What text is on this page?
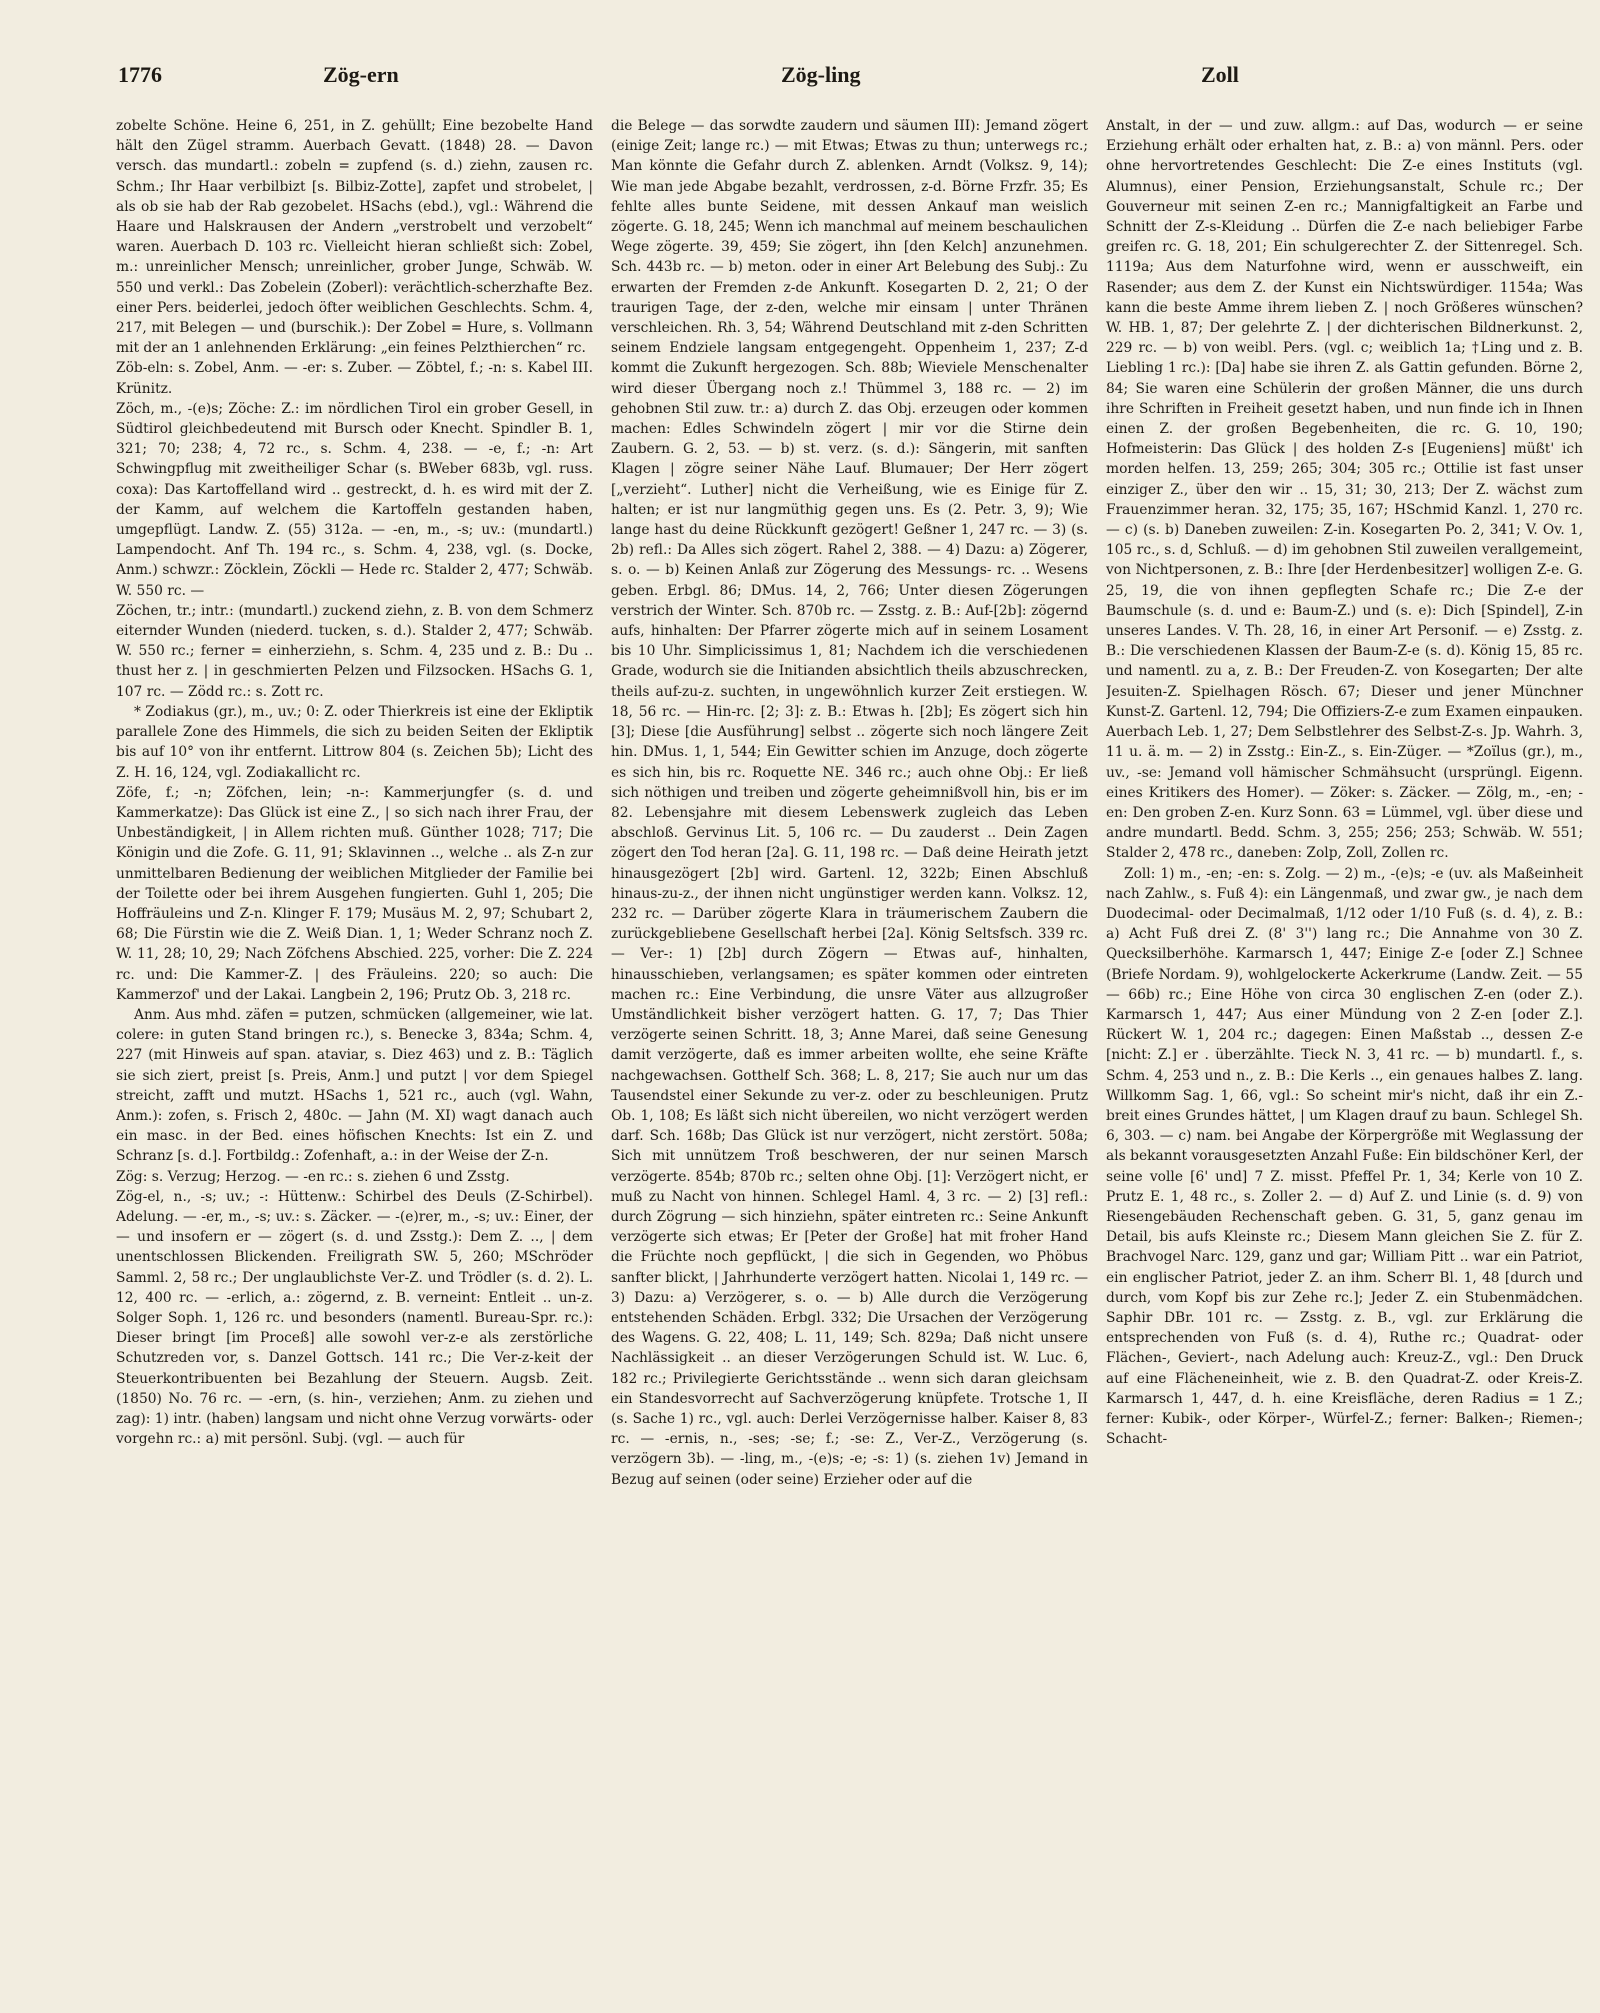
1776	Zög-ern	Zög-ling	Zoll

zobelte Schöne. Heine 6, 251, in Z. gehüllt; Eine bezobelte Hand hält den Zügel stramm. Auerbach Gevatt. (1848) 28. — Davon versch. das mundartl.: zobeln = zupfend (s. d.) ziehn, zausen rc. Schm.; Ihr Haar verbilbizt [s. Bilbiz-Zotte], zapfet und strobelet, | als ob sie hab der Rab gezobelet. HSachs (ebd.), vgl.: Während die Haare und Halskrausen der Andern „verstrobelt und verzobelt“ waren. Auerbach D. 103 rc. Vielleicht hieran schließt sich: Zobel, m.: unreinlicher Mensch; unreinlicher, grober Junge, Schwäb. W. 550 und verkl.: Das Zobelein (Zoberl): verächtlich-scherzhafte Bez. einer Pers. beiderlei, jedoch öfter weiblichen Geschlechts. Schm. 4, 217, mit Belegen — und (burschik.): Der Zobel = Hure, s. Vollmann mit der an 1 anlehnenden Erklärung: „ein feines Pelzthierchen“ rc.

Zöb-eln: s. Zobel, Anm. — -er: s. Zuber. — Zöbtel, f.; -n: s. Kabel III. Krünitz.

Zöch, m., -(e)s; Zöche: Z.: im nördlichen Tirol ein grober Gesell, in Südtirol gleichbedeutend mit Bursch oder Knecht. Spindler B. 1, 321; 70; 238; 4, 72 rc., s. Schm. 4, 238. — -e, f.; -n: Art Schwingpflug mit zweitheiliger Schar (s. BWeber 683b, vgl. russ. coxa): Das Kartoffelland wird .. gestreckt, d. h. es wird mit der Z. der Kamm, auf welchem die Kartoffeln gestanden haben, umgepflügt. Landw. Z. (55) 312a. — -en, m., -s; uv.: (mundartl.) Lampendocht. Anf Th. 194 rc., s. Schm. 4, 238, vgl. (s. Docke, Anm.) schwzr.: Zöcklein, Zöckli — Hede rc. Stalder 2, 477; Schwäb. W. 550 rc. —

Zöchen, tr.; intr.: (mundartl.) zuckend ziehn, z. B. von dem Schmerz eiternder Wunden (niederd. tucken, s. d.). Stalder 2, 477; Schwäb. W. 550 rc.; ferner = einherziehn, s. Schm. 4, 235 und z. B.: Du .. thust her z. | in geschmierten Pelzen und Filzsocken. HSachs G. 1, 107 rc. — Zödd rc.: s. Zott rc.

* Zodiakus (gr.), m., uv.; 0: Z. oder Thierkreis ist eine der Ekliptik parallele Zone des Himmels, die sich zu beiden Seiten der Ekliptik bis auf 10° von ihr entfernt. Littrow 804 (s. Zeichen 5b); Licht des Z. H. 16, 124, vgl. Zodiakallicht rc.

Zöfe, f.; -n; Zöfchen, lein; -n-: Kammerjungfer (s. d. und Kammerkatze): Das Glück ist eine Z., | so sich nach ihrer Frau, der Unbeständigkeit, | in Allem richten muß. Günther 1028; 717; Die Königin und die Zofe. G. 11, 91; Sklavinnen .., welche .. als Z-n zur unmittelbaren Bedienung der weiblichen Mitglieder der Familie bei der Toilette oder bei ihrem Ausgehen fungierten. Guhl 1, 205; Die Hoffräuleins und Z-n. Klinger F. 179; Musäus M. 2, 97; Schubart 2, 68; Die Fürstin wie die Z. Weiß Dian. 1, 1; Weder Schranz noch Z. W. 11, 28; 10, 29; Nach Zöfchens Abschied. 225, vorher: Die Z. 224 rc. und: Die Kammer-Z. | des Fräuleins. 220; so auch: Die Kammerzof' und der Lakai. Langbein 2, 196; Prutz Ob. 3, 218 rc.

Anm. Aus mhd. zäfen = putzen, schmücken (allgemeiner, wie lat. colere: in guten Stand bringen rc.), s. Benecke 3, 834a; Schm. 4, 227 (mit Hinweis auf span. ataviar, s. Diez 463) und z. B.: Täglich sie sich ziert, preist [s. Preis, Anm.] und putzt | vor dem Spiegel streicht, zafft und mutzt. HSachs 1, 521 rc., auch (vgl. Wahn, Anm.): zofen, s. Frisch 2, 480c. — Jahn (M. XI) wagt danach auch ein masc. in der Bed. eines höfischen Knechts: Ist ein Z. und Schranz [s. d.]. Fortbildg.: Zofenhaft, a.: in der Weise der Z-n.

Zög: s. Verzug; Herzog. — -en rc.: s. ziehen 6 und Zsstg.

Zög-el, n., -s; uv.; -: Hüttenw.: Schirbel des Deuls (Z-Schirbel). Adelung. — -er, m., -s; uv.: s. Zäcker. — -(e)rer, m., -s; uv.: Einer, der — und insofern er — zögert (s. d. und Zsstg.): Dem Z. .., | dem unentschlossen Blickenden. Freiligrath SW. 5, 260; MSchröder Samml. 2, 58 rc.; Der unglaublichste Ver-Z. und Trödler (s. d. 2). L. 12, 400 rc. — -erlich, a.: zögernd, z. B. verneint: Entleit .. un-z. Solger Soph. 1, 126 rc. und besonders (namentl. Bureau-Spr. rc.): Dieser bringt [im Proceß] alle sowohl ver-z-e als zerstörliche Schutzreden vor, s. Danzel Gottsch. 141 rc.; Die Ver-z-keit der Steuerkontribuenten bei Bezahlung der Steuern. Augsb. Zeit. (1850) No. 76 rc. — -ern, (s. hin-, verziehen; Anm. zu ziehen und zag): 1) intr. (haben) langsam und nicht ohne Verzug vorwärts- oder vorgehn rc.: a) mit persönl. Subj. (vgl. — auch für

die Belege — das sorwdte zaudern und säumen III): Jemand zögert (einige Zeit; lange rc.) — mit Etwas; Etwas zu thun; unterwegs rc.; Man könnte die Gefahr durch Z. ablenken. Arndt (Volksz. 9, 14); Wie man jede Abgabe bezahlt, verdrossen, z-d. Börne Frzfr. 35; Es fehlte alles bunte Seidene, mit dessen Ankauf man weislich zögerte. G. 18, 245; Wenn ich manchmal auf meinem beschaulichen Wege zögerte. 39, 459; Sie zögert, ihn [den Kelch] anzunehmen. Sch. 443b rc. — b) meton. oder in einer Art Belebung des Subj.: Zu erwarten der Fremden z-de Ankunft. Kosegarten D. 2, 21; O der traurigen Tage, der z-den, welche mir einsam | unter Thränen verschleichen. Rh. 3, 54; Während Deutschland mit z-den Schritten seinem Endziele langsam entgegengeht. Oppenheim 1, 237; Z-d kommt die Zukunft hergezogen. Sch. 88b; Wieviele Menschenalter wird dieser Übergang noch z.! Thümmel 3, 188 rc. — 2) im gehobnen Stil zuw. tr.: a) durch Z. das Obj. erzeugen oder kommen machen: Edles Schwindeln zögert | mir vor die Stirne dein Zaubern. G. 2, 53. — b) st. verz. (s. d.): Sängerin, mit sanften Klagen | zögre seiner Nähe Lauf. Blumauer; Der Herr zögert [„verzieht“. Luther] nicht die Verheißung, wie es Einige für Z. halten; er ist nur langmüthig gegen uns. Es (2. Petr. 3, 9); Wie lange hast du deine Rückkunft gezögert! Geßner 1, 247 rc. — 3) (s. 2b) refl.: Da Alles sich zögert. Rahel 2, 388. — 4) Dazu: a) Zögerer, s. o. — b) Keinen Anlaß zur Zögerung des Messungs- rc. .. Wesens geben. Erbgl. 86; DMus. 14, 2, 766; Unter diesen Zögerungen verstrich der Winter. Sch. 870b rc. — Zsstg. z. B.: Auf-[2b]: zögernd aufs, hinhalten: Der Pfarrer zögerte mich auf in seinem Losament bis 10 Uhr. Simplicissimus 1, 81; Nachdem ich die verschiedenen Grade, wodurch sie die Initianden absichtlich theils abzuschrecken, theils auf-zu-z. suchten, in ungewöhnlich kurzer Zeit erstiegen. W. 18, 56 rc. — Hin-rc. [2; 3]: z. B.: Etwas h. [2b]; Es zögert sich hin [3]; Diese [die Ausführung] selbst .. zögerte sich noch längere Zeit hin. DMus. 1, 1, 544; Ein Gewitter schien im Anzuge, doch zögerte es sich hin, bis rc. Roquette NE. 346 rc.; auch ohne Obj.: Er ließ sich nöthigen und treiben und zögerte geheimnißvoll hin, bis er im 82. Lebensjahre mit diesem Lebenswerk zugleich das Leben abschloß. Gervinus Lit. 5, 106 rc. — Du zauderst .. Dein Zagen zögert den Tod heran [2a]. G. 11, 198 rc. — Daß deine Heirath jetzt hinausgezögert [2b] wird. Gartenl. 12, 322b; Einen Abschluß hinaus-zu-z., der ihnen nicht ungünstiger werden kann. Volksz. 12, 232 rc. — Darüber zögerte Klara in träumerischem Zaubern die zurückgebliebene Gesellschaft herbei [2a]. König Seltsfsch. 339 rc. — Ver-: 1) [2b] durch Zögern — Etwas auf-, hinhalten, hinausschieben, verlangsamen; es später kommen oder eintreten machen rc.: Eine Verbindung, die unsre Väter aus allzugroßer Umständlichkeit bisher verzögert hatten. G. 17, 7; Das Thier verzögerte seinen Schritt. 18, 3; Anne Marei, daß seine Genesung damit verzögerte, daß es immer arbeiten wollte, ehe seine Kräfte nachgewachsen. Gotthelf Sch. 368; L. 8, 217; Sie auch nur um das Tausendstel einer Sekunde zu ver-z. oder zu beschleunigen. Prutz Ob. 1, 108; Es läßt sich nicht übereilen, wo nicht verzögert werden darf. Sch. 168b; Das Glück ist nur verzögert, nicht zerstört. 508a; Sich mit unnützem Troß beschweren, der nur seinen Marsch verzögerte. 854b; 870b rc.; selten ohne Obj. [1]: Verzögert nicht, er muß zu Nacht von hinnen. Schlegel Haml. 4, 3 rc. — 2) [3] refl.: durch Zögrung — sich hinziehn, später eintreten rc.: Seine Ankunft verzögerte sich etwas; Er [Peter der Große] hat mit froher Hand die Früchte noch gepflückt, | die sich in Gegenden, wo Phöbus sanfter blickt, | Jahrhunderte verzögert hatten. Nicolai 1, 149 rc. — 3) Dazu: a) Verzögerer, s. o. — b) Alle durch die Verzögerung entstehenden Schäden. Erbgl. 332; Die Ursachen der Verzögerung des Wagens. G. 22, 408; L. 11, 149; Sch. 829a; Daß nicht unsere Nachlässigkeit .. an dieser Verzögerungen Schuld ist. W. Luc. 6, 182 rc.; Privilegierte Gerichtsstände .. wenn sich daran gleichsam ein Standesvorrecht auf Sachverzögerung knüpfete. Trotsche 1, II (s. Sache 1) rc., vgl. auch: Derlei Verzögernisse halber. Kaiser 8, 83 rc. — -ernis, n., -ses; -se; f.; -se: Z., Ver-Z., Verzögerung (s. verzögern 3b). — -ling, m., -(e)s; -e; -s: 1) (s. ziehen 1v) Jemand in Bezug auf seinen (oder seine) Erzieher oder auf die

Anstalt, in der — und zuw. allgm.: auf Das, wodurch — er seine Erziehung erhält oder erhalten hat, z. B.: a) von männl. Pers. oder ohne hervortretendes Geschlecht: Die Z-e eines Instituts (vgl. Alumnus), einer Pension, Erziehungsanstalt, Schule rc.; Der Gouverneur mit seinen Z-en rc.; Mannigfaltigkeit an Farbe und Schnitt der Z-s-Kleidung .. Dürfen die Z-e nach beliebiger Farbe greifen rc. G. 18, 201; Ein schulgerechter Z. der Sittenregel. Sch. 1119a; Aus dem Naturfohne wird, wenn er ausschweift, ein Rasender; aus dem Z. der Kunst ein Nichtswürdiger. 1154a; Was kann die beste Amme ihrem lieben Z. | noch Größeres wünschen? W. HB. 1, 87; Der gelehrte Z. | der dichterischen Bildnerkunst. 2, 229 rc. — b) von weibl. Pers. (vgl. c; weiblich 1a; †Ling und z. B. Liebling 1 rc.): [Da] habe sie ihren Z. als Gattin gefunden. Börne 2, 84; Sie waren eine Schülerin der großen Männer, die uns durch ihre Schriften in Freiheit gesetzt haben, und nun finde ich in Ihnen einen Z. der großen Begebenheiten, die rc. G. 10, 190; Hofmeisterin: Das Glück | des holden Z-s [Eugeniens] müßt' ich morden helfen. 13, 259; 265; 304; 305 rc.; Ottilie ist fast unser einziger Z., über den wir .. 15, 31; 30, 213; Der Z. wächst zum Frauenzimmer heran. 32, 175; 35, 167; HSchmid Kanzl. 1, 270 rc. — c) (s. b) Daneben zuweilen: Z-in. Kosegarten Po. 2, 341; V. Ov. 1, 105 rc., s. d, Schluß. — d) im gehobnen Stil zuweilen verallgemeint, von Nichtpersonen, z. B.: Ihre [der Herdenbesitzer] wolligen Z-e. G. 25, 19, die von ihnen gepflegten Schafe rc.; Die Z-e der Baumschule (s. d. und e: Baum-Z.) und (s. e): Dich [Spindel], Z-in unseres Landes. V. Th. 28, 16, in einer Art Personif. — e) Zsstg. z. B.: Die verschiedenen Klassen der Baum-Z-e (s. d). König 15, 85 rc. und namentl. zu a, z. B.: Der Freuden-Z. von Kosegarten; Der alte Jesuiten-Z. Spielhagen Rösch. 67; Dieser und jener Münchner Kunst-Z. Gartenl. 12, 794; Die Offiziers-Z-e zum Examen einpauken. Auerbach Leb. 1, 27; Dem Selbstlehrer des Selbst-Z-s. Jp. Wahrh. 3, 11 u. ä. m. — 2) in Zsstg.: Ein-Z., s. Ein-Züger. — *Zoïlus (gr.), m., uv., -se: Jemand voll hämischer Schmähsucht (ursprüngl. Eigenn. eines Kritikers des Homer). — Zöker: s. Zäcker. — Zölg, m., -en; -en: Den groben Z-en. Kurz Sonn. 63 = Lümmel, vgl. über diese und andre mundartl. Bedd. Schm. 3, 255; 256; 253; Schwäb. W. 551; Stalder 2, 478 rc., daneben: Zolp, Zoll, Zollen rc.

Zoll: 1) m., -en; -en: s. Zolg. — 2) m., -(e)s; -e (uv. als Maßeinheit nach Zahlw., s. Fuß 4): ein Längenmaß, und zwar gw., je nach dem Duodecimal- oder Decimalmaß, 1/12 oder 1/10 Fuß (s. d. 4), z. B.: a) Acht Fuß drei Z. (8' 3'') lang rc.; Die Annahme von 30 Z. Quecksilberhöhe. Karmarsch 1, 447; Einige Z-e [oder Z.] Schnee (Briefe Nordam. 9), wohlgelockerte Ackerkrume (Landw. Zeit. — 55 — 66b) rc.; Eine Höhe von circa 30 englischen Z-en (oder Z.). Karmarsch 1, 447; Aus einer Mündung von 2 Z-en [oder Z.]. Rückert W. 1, 204 rc.; dagegen: Einen Maßstab .., dessen Z-e [nicht: Z.] er . überzählte. Tieck N. 3, 41 rc. — b) mundartl. f., s. Schm. 4, 253 und n., z. B.: Die Kerls .., ein genaues halbes Z. lang. Willkomm Sag. 1, 66, vgl.: So scheint mir's nicht, daß ihr ein Z.-breit eines Grundes hättet, | um Klagen drauf zu baun. Schlegel Sh. 6, 303. — c) nam. bei Angabe der Körpergröße mit Weglassung der als bekannt vorausgesetzten Anzahl Fuße: Ein bildschöner Kerl, der seine volle [6' und] 7 Z. misst. Pfeffel Pr. 1, 34; Kerle von 10 Z. Prutz E. 1, 48 rc., s. Zoller 2. — d) Auf Z. und Linie (s. d. 9) von Riesengebäuden Rechenschaft geben. G. 31, 5, ganz genau im Detail, bis aufs Kleinste rc.; Diesem Mann gleichen Sie Z. für Z. Brachvogel Narc. 129, ganz und gar; William Pitt .. war ein Patriot, ein englischer Patriot, jeder Z. an ihm. Scherr Bl. 1, 48 [durch und durch, vom Kopf bis zur Zehe rc.]; Jeder Z. ein Stubenmädchen. Saphir DBr. 101 rc. — Zsstg. z. B., vgl. zur Erklärung die entsprechenden von Fuß (s. d. 4), Ruthe rc.; Quadrat- oder Flächen-, Geviert-, nach Adelung auch: Kreuz-Z., vgl.: Den Druck auf eine Flächeneinheit, wie z. B. den Quadrat-Z. oder Kreis-Z. Karmarsch 1, 447, d. h. eine Kreisfläche, deren Radius = 1 Z.; ferner: Kubik-, oder Körper-, Würfel-Z.; ferner: Balken-; Riemen-; Schacht-
